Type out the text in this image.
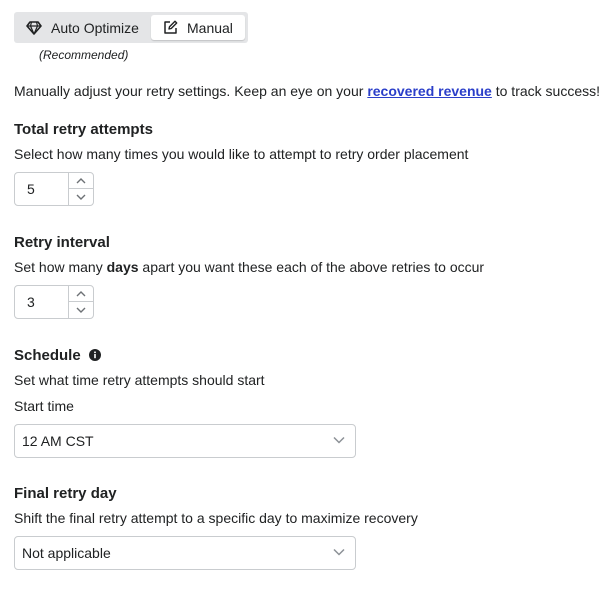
Auto Optimize	Manual
(Recommended)
Manually adjust your retry settings. Keep an eye on your recovered revenue to track success!
Total retry attempts
Select how many times you would like to attempt to retry order placement
5
Retry interval
Set how many days apart you want these each of the above retries to occur
3
Schedule
Set what time retry attempts should start
Start time
12 AM CST
Final retry day
Shift the final retry attempt to a specific day to maximize recovery
Not applicable
